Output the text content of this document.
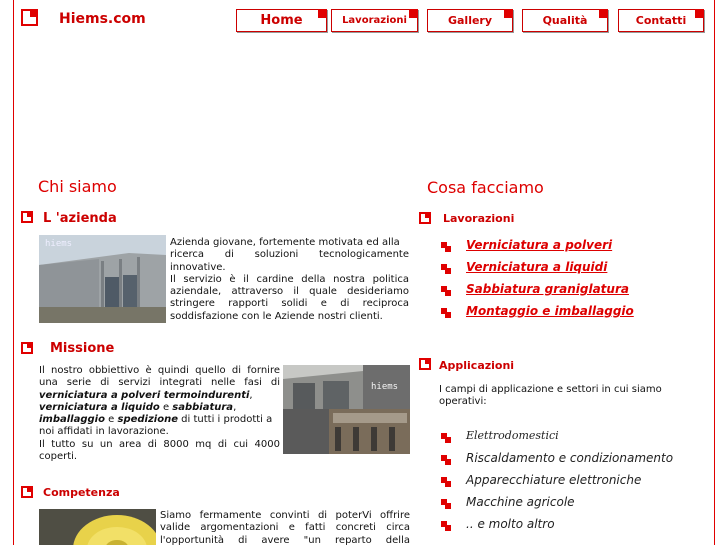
Hiems.com	Home	Lavorazioni	Gallery	Qualità	Contatti
Chi siamo
L 'azienda
hiems	Azienda giovane, fortemente motivata ed alla
ricerca di soluzioni tecnologicamente
innovative.
Il servizio è il cardine della nostra politica
aziendale, attraverso il quale desideriamo
stringere rapporti solidi e di reciproca
soddisfazione con le Aziende nostri clienti.
Missione
Il nostro obbiettivo è quindi quello di fornire
una serie di servizi integrati nelle fasi di
verniciatura a polveri termoindurenti,
verniciatura a liquido e sabbiatura,
imballaggio e spedizione di tutti i prodotti a
noi affidati in lavorazione.
Il tutto su un area di 8000 mq di cui 4000
coperti.
hiems
Competenza
Siamo fermamente convinti di poterVi offrire
valide argomentazioni e fatti concreti circa
l'opportunità di avere "un reparto della
Cosa facciamo
Lavorazioni
Verniciatura a polveri
Verniciatura a liquidi
Sabbiatura graniglatura
Montaggio e imballaggio
Applicazioni
I campi di applicazione e settori in cui siamo
operativi:
Elettrodomestici
Riscaldamento e condizionamento
Apparecchiature elettroniche
Macchine agricole
.. e molto altro
